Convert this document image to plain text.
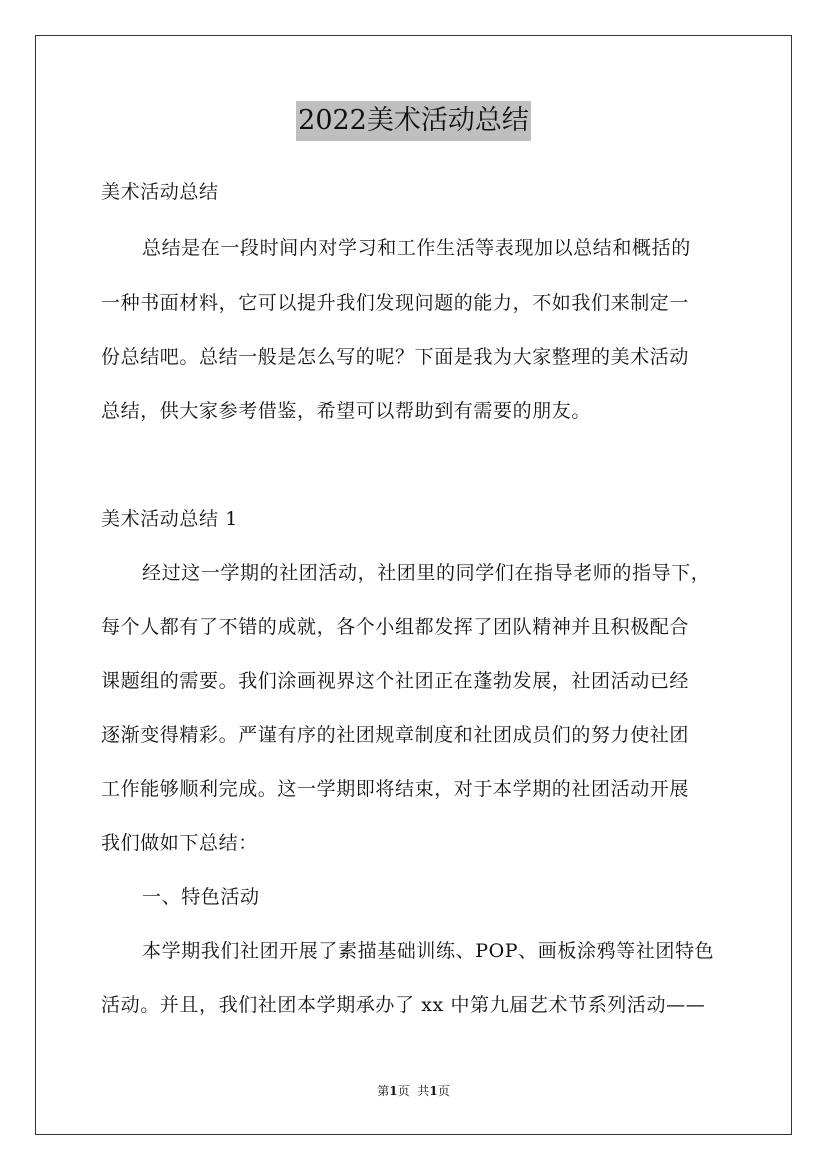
2022美术活动总结
美术活动总结
总结是在一段时间内对学习和工作生活等表现加以总结和概括的
一种书面材料，它可以提升我们发现问题的能力，不如我们来制定一
份总结吧。总结一般是怎么写的呢？下面是我为大家整理的美术活动
总结，供大家参考借鉴，希望可以帮助到有需要的朋友。
美术活动总结 1
经过这一学期的社团活动，社团里的同学们在指导老师的指导下，
每个人都有了不错的成就，各个小组都发挥了团队精神并且积极配合
课题组的需要。我们涂画视界这个社团正在蓬勃发展，社团活动已经
逐渐变得精彩。严谨有序的社团规章制度和社团成员们的努力使社团
工作能够顺利完成。这一学期即将结束，对于本学期的社团活动开展
我们做如下总结：
一、特色活动
本学期我们社团开展了素描基础训练、POP、画板涂鸦等社团特色
活动。并且，我们社团本学期承办了 xx 中第九届艺术节系列活动——
第1页 共1页
